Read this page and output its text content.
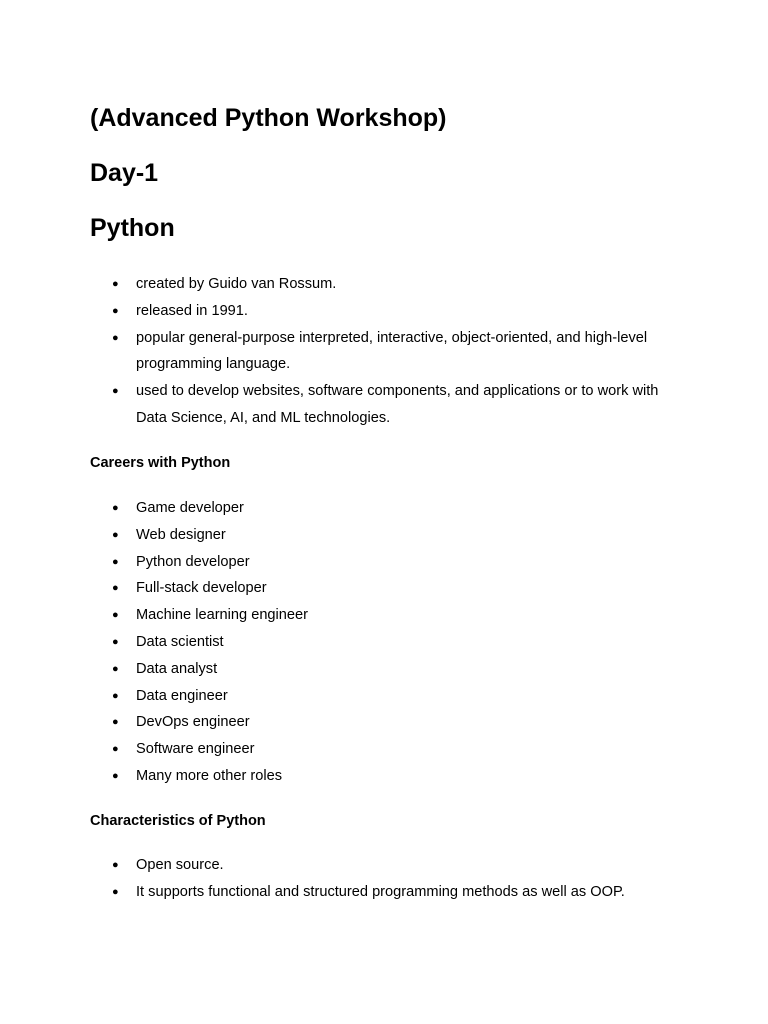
(Advanced Python Workshop)
Day-1
Python
● created by Guido van Rossum.
● released in 1991.
● popular general-purpose interpreted, interactive, object-oriented, and high-level programming language.
● used to develop websites, software components, and applications or to work with Data Science, AI, and ML technologies.
Careers with Python
● Game developer
● Web designer
● Python developer
● Full-stack developer
● Machine learning engineer
● Data scientist
● Data analyst
● Data engineer
● DevOps engineer
● Software engineer
● Many more other roles
Characteristics of Python
● Open source.
● It supports functional and structured programming methods as well as OOP.
